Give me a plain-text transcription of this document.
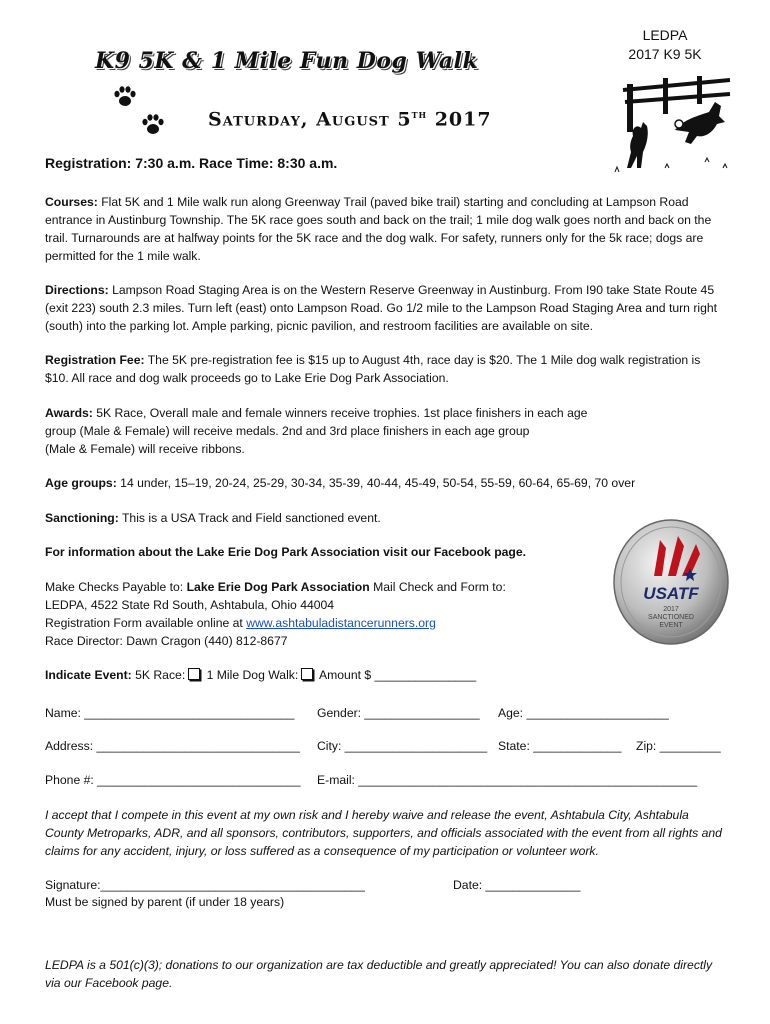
K9 5K & 1 Mile Fun Dog Walk
Saturday, August 5th 2017
LEDPA
2017 K9 5K
Registration: 7:30 a.m. Race Time: 8:30 a.m.
Courses: Flat 5K and 1 Mile walk run along Greenway Trail (paved bike trail) starting and concluding at Lampson Road entrance in Austinburg Township. The 5K race goes south and back on the trail; 1 mile dog walk goes north and back on the trail. Turnarounds are at halfway points for the 5K race and the dog walk. For safety, runners only for the 5k race; dogs are permitted for the 1 mile walk.
Directions: Lampson Road Staging Area is on the Western Reserve Greenway in Austinburg. From I90 take State Route 45 (exit 223) south 2.3 miles. Turn left (east) onto Lampson Road. Go 1/2 mile to the Lampson Road Staging Area and turn right (south) into the parking lot. Ample parking, picnic pavilion, and restroom facilities are available on site.
Registration Fee: The 5K pre-registration fee is $15 up to August 4th, race day is $20. The 1 Mile dog walk registration is $10. All race and dog walk proceeds go to Lake Erie Dog Park Association.
Awards: 5K Race, Overall male and female winners receive trophies. 1st place finishers in each age
group (Male & Female) will receive medals. 2nd and 3rd place finishers in each age group
(Male & Female) will receive ribbons.
Age groups: 14 under, 15–19, 20-24, 25-29, 30-34, 35-39, 40-44, 45-49, 50-54, 55-59, 60-64, 65-69, 70 over
Sanctioning: This is a USA Track and Field sanctioned event.
For information about the Lake Erie Dog Park Association visit our Facebook page.
Make Checks Payable to: Lake Erie Dog Park Association Mail Check and Form to:
LEDPA, 4522 State Rd South, Ashtabula, Ohio 44004
Registration Form available online at www.ashtabuladistancerunners.org
Race Director: Dawn Cragon (440) 812-8677
USATF
2017
SANCTIONED
EVENT
Indicate Event: 5K Race: 1 Mile Dog Walk: Amount $ _______________
Name: _______________________________ Gender: _________________ Age: _____________________
Address: ______________________________ City: _____________________ State: _____________ Zip: _________
Phone #: ______________________________ E-mail: __________________________________________________
I accept that I compete in this event at my own risk and I hereby waive and release the event, Ashtabula City, Ashtabula County Metroparks, ADR, and all sponsors, contributors, supporters, and officials associated with the event from all rights and claims for any accident, injury, or loss suffered as a consequence of my participation or volunteer work.
Signature:_______________________________________	Date: ______________
Must be signed by parent (if under 18 years)
LEDPA is a 501(c)(3); donations to our organization are tax deductible and greatly appreciated! You can also donate directly via our Facebook page.
